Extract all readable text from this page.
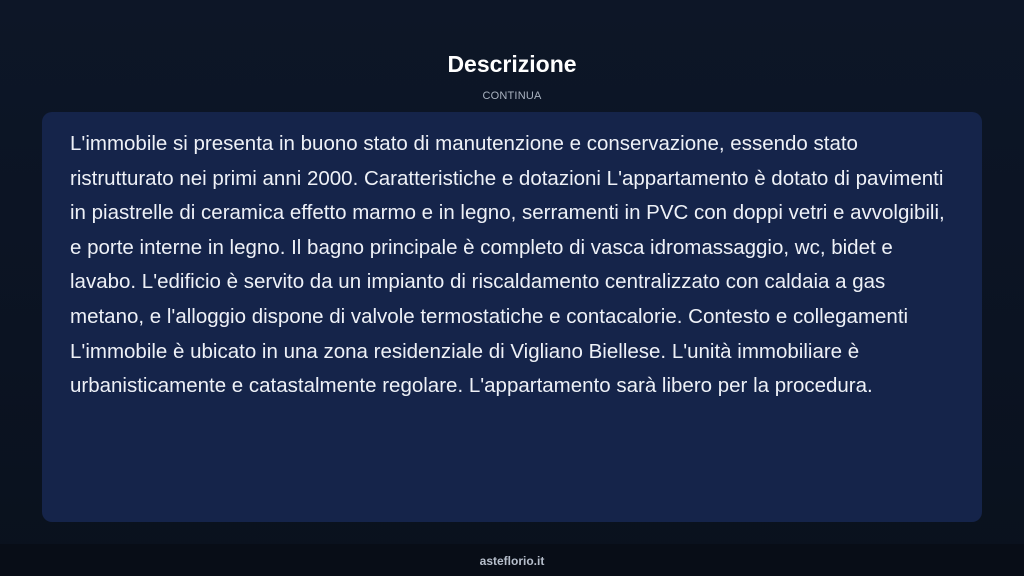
Descrizione
CONTINUA

L'immobile si presenta in buono stato di manutenzione e conservazione, essendo stato ristrutturato nei primi anni 2000. Caratteristiche e dotazioni L'appartamento è dotato di pavimenti in piastrelle di ceramica effetto marmo e in legno, serramenti in PVC con doppi vetri e avvolgibili, e porte interne in legno. Il bagno principale è completo di vasca idromassaggio, wc, bidet e lavabo. L'edificio è servito da un impianto di riscaldamento centralizzato con caldaia a gas metano, e l'alloggio dispone di valvole termostatiche e contacalorie. Contesto e collegamenti L'immobile è ubicato in una zona residenziale di Vigliano Biellese. L'unità immobiliare è urbanisticamente e catastalmente regolare. L'appartamento sarà libero per la procedura.

asteflorio.it
